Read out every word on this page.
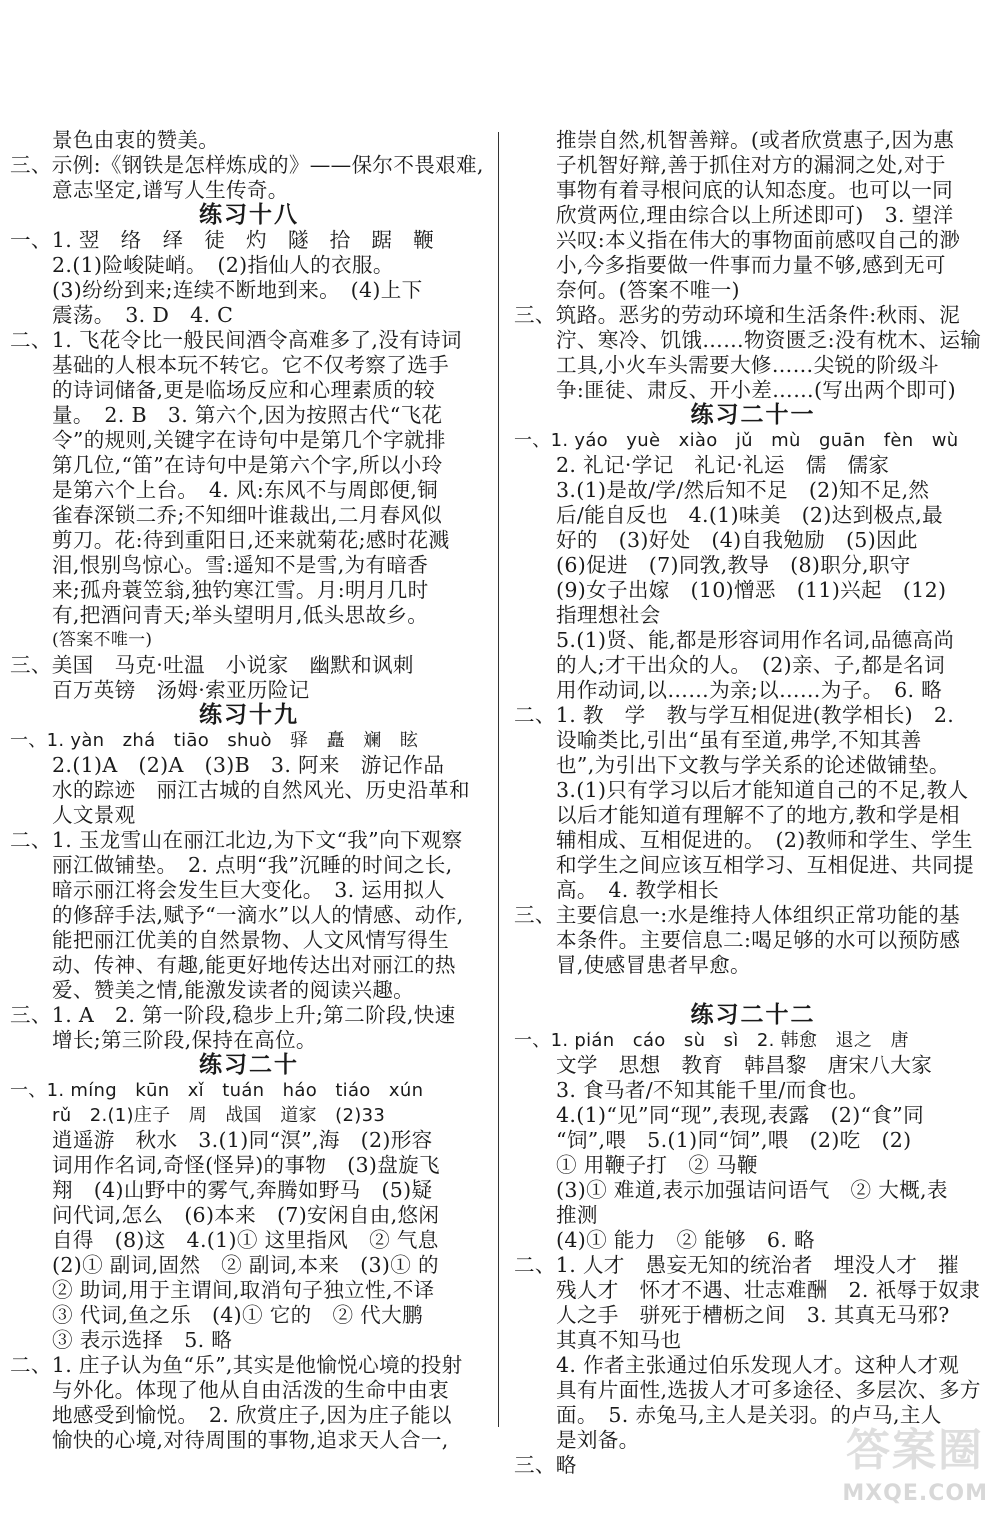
景色由衷的赞美。
三、示例:《钢铁是怎样炼成的》——保尔不畏艰难,
意志坚定,谱写人生传奇。
练习十八
一、1. 翌　络　绎　徒　灼　隧　拾　踞　鞭
2.(1)险峻陡峭。　(2)指仙人的衣服。
(3)纷纷到来;连续不断地到来。　(4)上下
震荡。　3. D　4. C
二、1. 飞花令比一般民间酒令高难多了,没有诗词
基础的人根本玩不转它。它不仅考察了选手
的诗词储备,更是临场反应和心理素质的较
量。　2. B　3. 第六个,因为按照古代“飞花
令”的规则,关键字在诗句中是第几个字就排
第几位,“笛”在诗句中是第六个字,所以小玲
是第六个上台。　4. 风:东风不与周郎便,铜
雀春深锁二乔;不知细叶谁裁出,二月春风似
剪刀。花:待到重阳日,还来就菊花;感时花溅
泪,恨别鸟惊心。雪:遥知不是雪,为有暗香
来;孤舟蓑笠翁,独钓寒江雪。月:明月几时
有,把酒问青天;举头望明月,低头思故乡。
(答案不唯一)
三、美国　马克·吐温　小说家　幽默和讽刺
百万英镑　汤姆·索亚历险记
练习十九
一、1. yàn　zhá　tiāo　shuò　驿　矗　斓　眩
2.(1)A　(2)A　(3)B　3. 阿来　游记作品
水的踪迹　丽江古城的自然风光、历史沿革和
人文景观
二、1. 玉龙雪山在丽江北边,为下文“我”向下观察
丽江做铺垫。　2. 点明“我”沉睡的时间之长,
暗示丽江将会发生巨大变化。　3. 运用拟人
的修辞手法,赋予“一滴水”以人的情感、动作,
能把丽江优美的自然景物、人文风情写得生
动、传神、有趣,能更好地传达出对丽江的热
爱、赞美之情,能激发读者的阅读兴趣。
三、1. A　2. 第一阶段,稳步上升;第二阶段,快速
增长;第三阶段,保持在高位。
练习二十
一、1. míng　kūn　xǐ　tuán　háo　tiáo　xún
rǔ　2.(1)庄子　周　战国　道家　(2)33
逍遥游　秋水　3.(1)同“溟”,海　(2)形容
词用作名词,奇怪(怪异)的事物　(3)盘旋飞
翔　(4)山野中的雾气,奔腾如野马　(5)疑
问代词,怎么　(6)本来　(7)安闲自由,悠闲
自得　(8)这　4.(1)① 这里指风　② 气息
(2)① 副词,固然　② 副词,本来　(3)① 的
② 助词,用于主谓间,取消句子独立性,不译
③ 代词,鱼之乐　(4)① 它的　② 代大鹏
③ 表示选择　5. 略
二、1. 庄子认为鱼“乐”,其实是他愉悦心境的投射
与外化。体现了他从自由活泼的生命中由衷
地感受到愉悦。　2. 欣赏庄子,因为庄子能以
愉快的心境,对待周围的事物,追求天人合一,
推崇自然,机智善辩。(或者欣赏惠子,因为惠
子机智好辩,善于抓住对方的漏洞之处,对于
事物有着寻根问底的认知态度。也可以一同
欣赏两位,理由综合以上所述即可)　3. 望洋
兴叹:本义指在伟大的事物面前感叹自己的渺
小,今多指要做一件事而力量不够,感到无可
奈何。(答案不唯一)
三、筑路。恶劣的劳动环境和生活条件:秋雨、泥
泞、寒冷、饥饿……物资匮乏:没有枕木、运输
工具,小火车头需要大修……尖锐的阶级斗
争:匪徒、肃反、开小差……(写出两个即可)
练习二十一
一、1. yáo　yuè　xiào　jǔ　mù　guān　fèn　wù
2. 礼记·学记　礼记·礼运　儒　儒家
3.(1)是故/学/然后知不足　(2)知不足,然
后/能自反也　4.(1)味美　(2)达到极点,最
好的　(3)好处　(4)自我勉励　(5)因此
(6)促进　(7)同敩,教导　(8)职分,职守
(9)女子出嫁　(10)憎恶　(11)兴起　(12)
指理想社会
5.(1)贤、能,都是形容词用作名词,品德高尚
的人;才干出众的人。　(2)亲、子,都是名词
用作动词,以……为亲;以……为子。　6. 略
二、1. 教　学　教与学互相促进(教学相长)　2.
设喻类比,引出“虽有至道,弗学,不知其善
也”,为引出下文教与学关系的论述做铺垫。
3.(1)只有学习以后才能知道自己的不足,教人
以后才能知道有理解不了的地方,教和学是相
辅相成、互相促进的。　(2)教师和学生、学生
和学生之间应该互相学习、互相促进、共同提
高。　4. 教学相长
三、主要信息一:水是维持人体组织正常功能的基
本条件。主要信息二:喝足够的水可以预防感
冒,使感冒患者早愈。
练习二十二
一、1. pián　cáo　sù　sì　2. 韩愈　退之　唐
文学　思想　教育　韩昌黎　唐宋八大家
3. 食马者/不知其能千里/而食也。
4.(1)“见”同“现”,表现,表露　(2)“食”同
“饲”,喂　5.(1)同“饲”,喂　(2)吃　(2)
① 用鞭子打　② 马鞭
(3)① 难道,表示加强诘问语气　② 大概,表
推测
(4)① 能力　② 能够　6. 略
二、1. 人才　愚妄无知的统治者　埋没人才　摧
残人才　怀才不遇、壮志难酬　2. 祇辱于奴隶
人之手　骈死于槽枥之间　3. 其真无马邪?
其真不知马也
4. 作者主张通过伯乐发现人才。这种人才观
具有片面性,选拔人才可多途径、多层次、多方
面。　5. 赤兔马,主人是关羽。的卢马,主人
是刘备。
三、略	答案圈
MXQE.COM
